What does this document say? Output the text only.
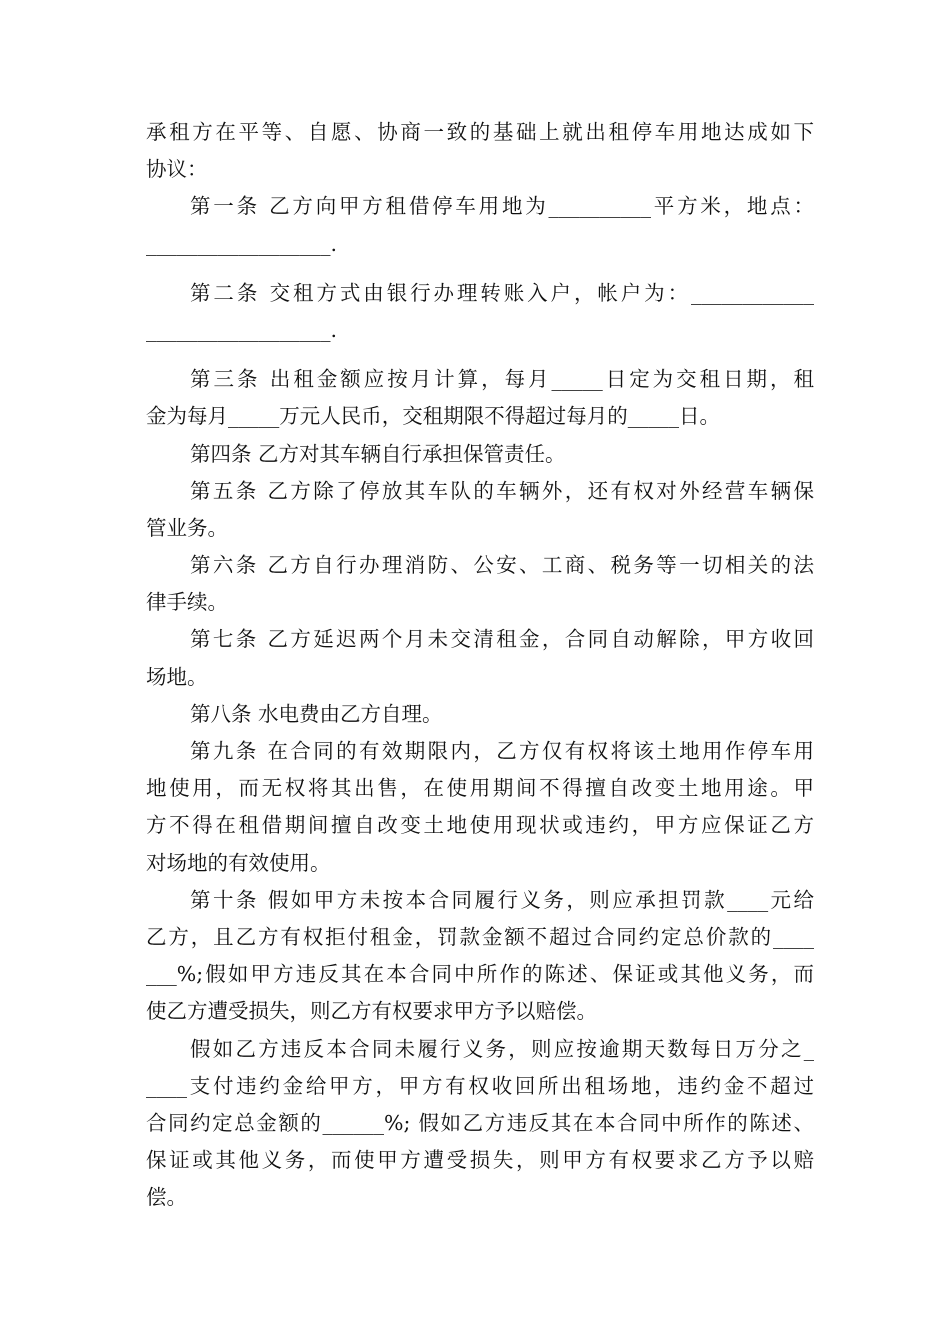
承租方在平等、自愿、协商一致的基础上就出租停车用地达成如下
协议：
第一条 乙方向甲方租借停车用地为__________平方米，地点：
__________________.
第二条 交租方式由银行办理转账入户，帐户为：____________
__________________.
第三条 出租金额应按月计算，每月_____日定为交租日期，租
金为每月_____万元人民币，交租期限不得超过每月的_____日。
第四条 乙方对其车辆自行承担保管责任。
第五条 乙方除了停放其车队的车辆外，还有权对外经营车辆保
管业务。
第六条 乙方自行办理消防、公安、工商、税务等一切相关的法
律手续。
第七条 乙方延迟两个月未交清租金，合同自动解除，甲方收回
场地。
第八条 水电费由乙方自理。
第九条 在合同的有效期限内，乙方仅有权将该土地用作停车用
地使用，而无权将其出售，在使用期间不得擅自改变土地用途。甲
方不得在租借期间擅自改变土地使用现状或违约，甲方应保证乙方
对场地的有效使用。
第十条 假如甲方未按本合同履行义务，则应承担罚款____元给
乙方，且乙方有权拒付租金，罚款金额不超过合同约定总价款的____
___%;假如甲方违反其在本合同中所作的陈述、保证或其他义务，而
使乙方遭受损失，则乙方有权要求甲方予以赔偿。
假如乙方违反本合同未履行义务，则应按逾期天数每日万分之_
____支付违约金给甲方，甲方有权收回所出租场地，违约金不超过
合同约定总金额的______%; 假如乙方违反其在本合同中所作的陈述、
保证或其他义务，而使甲方遭受损失，则甲方有权要求乙方予以赔
偿。
